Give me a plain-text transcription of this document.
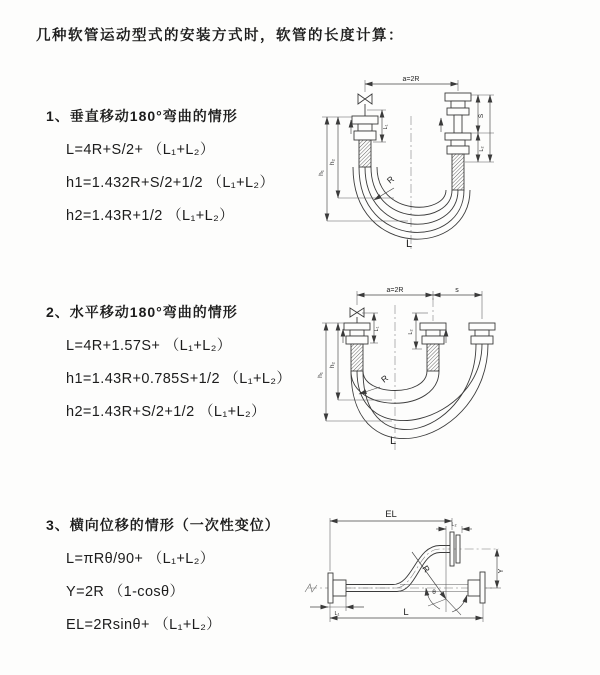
几种软管运动型式的安装方式时，软管的长度计算：
1、垂直移动180°弯曲的情形
L=4R+S/2+ （L₁+L₂）
h1=1.432R+S/2+1/2 （L₁+L₂）
h2=1.43R+1/2 （L₁+L₂）
a=2R
h₁
h₂
L₁
S
L₂
R
L
2、水平移动180°弯曲的情形
L=4R+1.57S+ （L₁+L₂）
h1=1.43R+0.785S+1/2 （L₁+L₂）
h2=1.43R+S/2+1/2 （L₁+L₂）
a=2R	s
L₁
L₂
h₁
h₂
R
L
3、横向位移的情形（一次性变位）
L=πRθ/90+ （L₁+L₂）
Y=2R （1-cosθ）
EL=2Rsinθ+ （L₁+L₂）
EL
L₂
Y
R
θ
L
L₁
